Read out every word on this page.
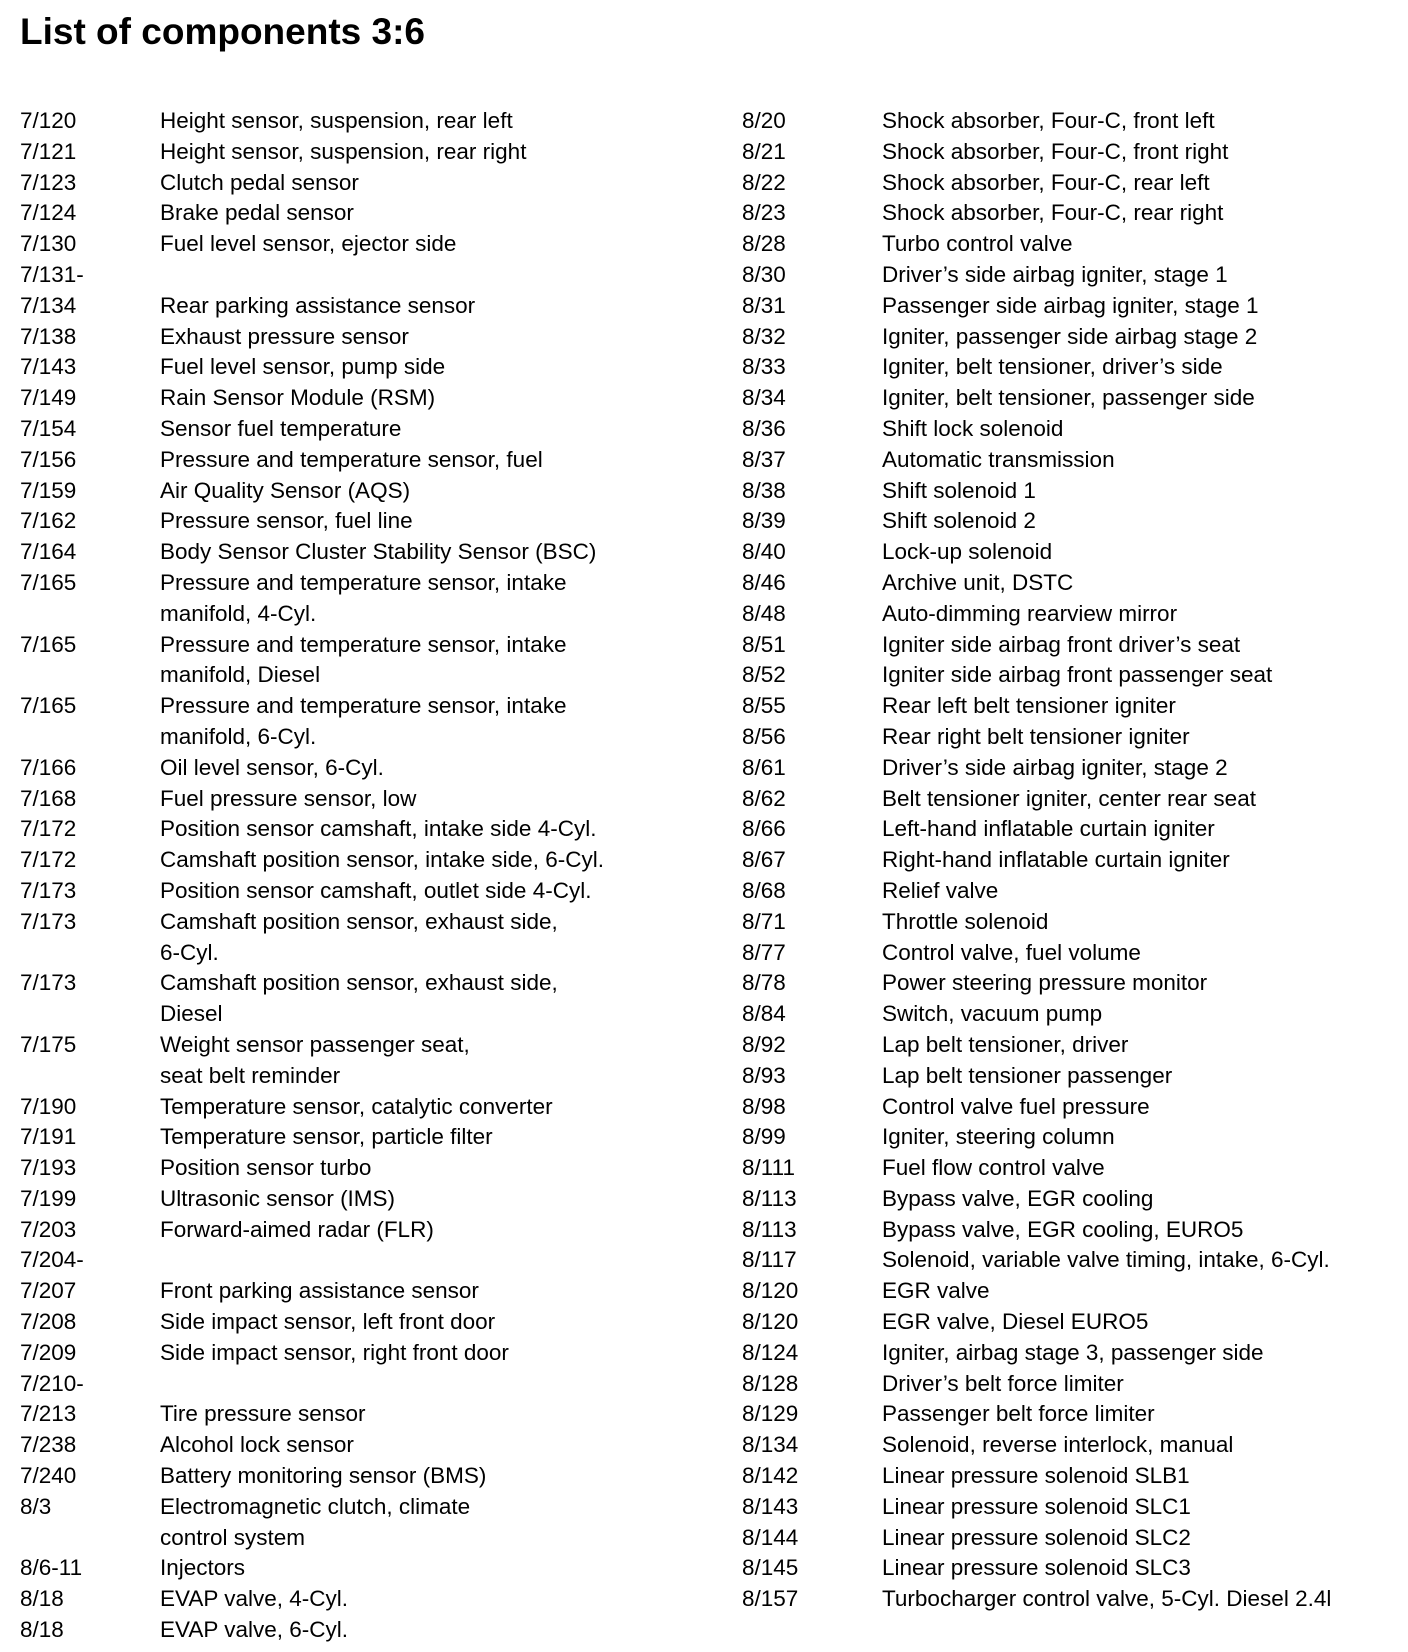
List of components 3:6
7/120	Height sensor, suspension, rear left
7/121	Height sensor, suspension, rear right
7/123	Clutch pedal sensor
7/124	Brake pedal sensor
7/130	Fuel level sensor, ejector side
7/131-
7/134	Rear parking assistance sensor
7/138	Exhaust pressure sensor
7/143	Fuel level sensor, pump side
7/149	Rain Sensor Module (RSM)
7/154	Sensor fuel temperature
7/156	Pressure and temperature sensor, fuel
7/159	Air Quality Sensor (AQS)
7/162	Pressure sensor, fuel line
7/164	Body Sensor Cluster Stability Sensor (BSC)
7/165	Pressure and temperature sensor, intake
manifold, 4-Cyl.
7/165	Pressure and temperature sensor, intake
manifold, Diesel
7/165	Pressure and temperature sensor, intake
manifold, 6-Cyl.
7/166	Oil level sensor, 6-Cyl.
7/168	Fuel pressure sensor, low
7/172	Position sensor camshaft, intake side 4-Cyl.
7/172	Camshaft position sensor, intake side, 6-Cyl.
7/173	Position sensor camshaft, outlet side 4-Cyl.
7/173	Camshaft position sensor, exhaust side,
6-Cyl.
7/173	Camshaft position sensor, exhaust side,
Diesel
7/175	Weight sensor passenger seat,
seat belt reminder
7/190	Temperature sensor, catalytic converter
7/191	Temperature sensor, particle filter
7/193	Position sensor turbo
7/199	Ultrasonic sensor (IMS)
7/203	Forward-aimed radar (FLR)
7/204-
7/207	Front parking assistance sensor
7/208	Side impact sensor, left front door
7/209	Side impact sensor, right front door
7/210-
7/213	Tire pressure sensor
7/238	Alcohol lock sensor
7/240	Battery monitoring sensor (BMS)
8/3	Electromagnetic clutch, climate
control system
8/6-11	Injectors
8/18	EVAP valve, 4-Cyl.
8/18	EVAP valve, 6-Cyl.
8/20	Shock absorber, Four-C, front left
8/21	Shock absorber, Four-C, front right
8/22	Shock absorber, Four-C, rear left
8/23	Shock absorber, Four-C, rear right
8/28	Turbo control valve
8/30	Driver’s side airbag igniter, stage 1
8/31	Passenger side airbag igniter, stage 1
8/32	Igniter, passenger side airbag stage 2
8/33	Igniter, belt tensioner, driver’s side
8/34	Igniter, belt tensioner, passenger side
8/36	Shift lock solenoid
8/37	Automatic transmission
8/38	Shift solenoid 1
8/39	Shift solenoid 2
8/40	Lock-up solenoid
8/46	Archive unit, DSTC
8/48	Auto-dimming rearview mirror
8/51	Igniter side airbag front driver’s seat
8/52	Igniter side airbag front passenger seat
8/55	Rear left belt tensioner igniter
8/56	Rear right belt tensioner igniter
8/61	Driver’s side airbag igniter, stage 2
8/62	Belt tensioner igniter, center rear seat
8/66	Left-hand inflatable curtain igniter
8/67	Right-hand inflatable curtain igniter
8/68	Relief valve
8/71	Throttle solenoid
8/77	Control valve, fuel volume
8/78	Power steering pressure monitor
8/84	Switch, vacuum pump
8/92	Lap belt tensioner, driver
8/93	Lap belt tensioner passenger
8/98	Control valve fuel pressure
8/99	Igniter, steering column
8/111	Fuel flow control valve
8/113	Bypass valve, EGR cooling
8/113	Bypass valve, EGR cooling, EURO5
8/117	Solenoid, variable valve timing, intake, 6-Cyl.
8/120	EGR valve
8/120	EGR valve, Diesel EURO5
8/124	Igniter, airbag stage 3, passenger side
8/128	Driver’s belt force limiter
8/129	Passenger belt force limiter
8/134	Solenoid, reverse interlock, manual
8/142	Linear pressure solenoid SLB1
8/143	Linear pressure solenoid SLC1
8/144	Linear pressure solenoid SLC2
8/145	Linear pressure solenoid SLC3
8/157	Turbocharger control valve, 5-Cyl. Diesel 2.4l
